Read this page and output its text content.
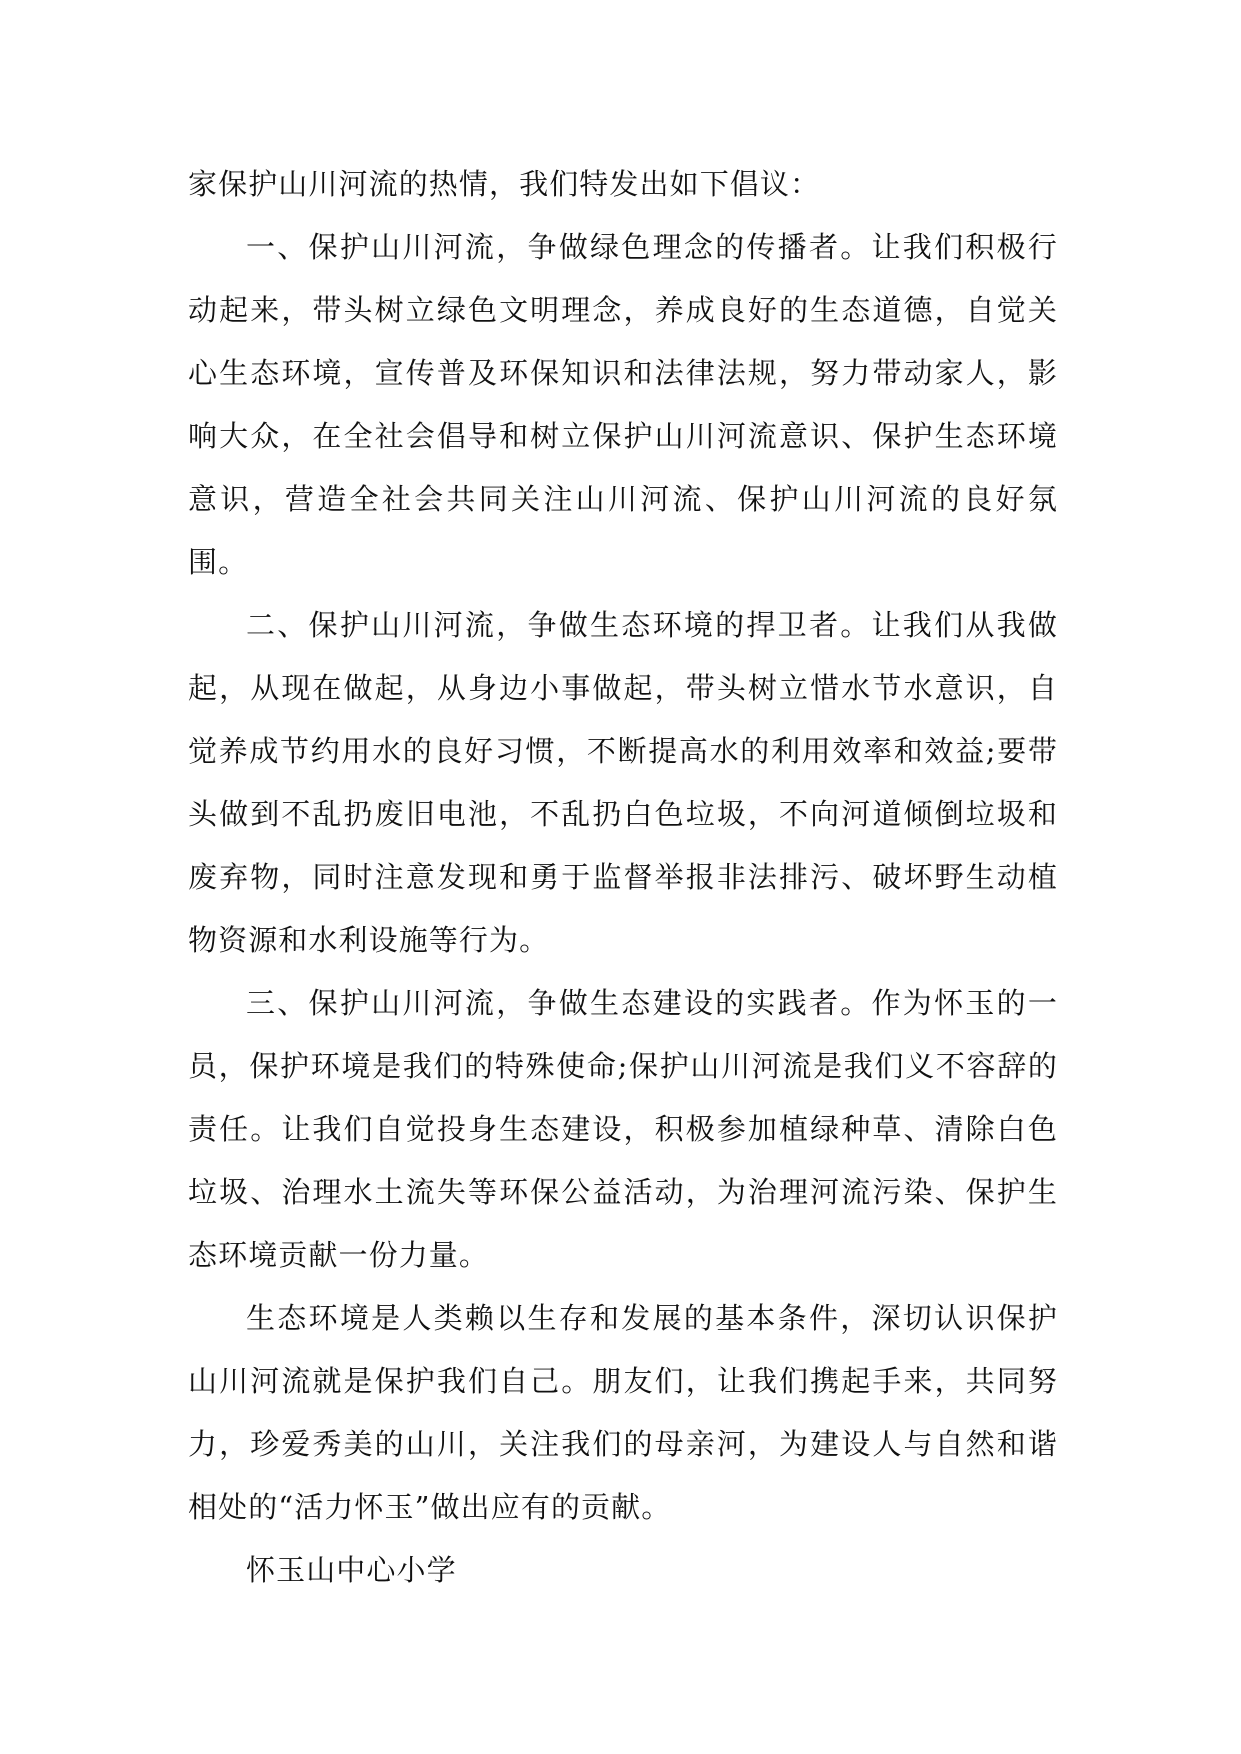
家保护山川河流的热情，我们特发出如下倡议：

一、保护山川河流，争做绿色理念的传播者。让我们积极行动起来，带头树立绿色文明理念，养成良好的生态道德，自觉关心生态环境，宣传普及环保知识和法律法规，努力带动家人，影响大众，在全社会倡导和树立保护山川河流意识、保护生态环境意识，营造全社会共同关注山川河流、保护山川河流的良好氛围。

二、保护山川河流，争做生态环境的捍卫者。让我们从我做起，从现在做起，从身边小事做起，带头树立惜水节水意识，自觉养成节约用水的良好习惯，不断提高水的利用效率和效益;要带头做到不乱扔废旧电池，不乱扔白色垃圾，不向河道倾倒垃圾和废弃物，同时注意发现和勇于监督举报非法排污、破坏野生动植物资源和水利设施等行为。

三、保护山川河流，争做生态建设的实践者。作为怀玉的一员，保护环境是我们的特殊使命;保护山川河流是我们义不容辞的责任。让我们自觉投身生态建设，积极参加植绿种草、清除白色垃圾、治理水土流失等环保公益活动，为治理河流污染、保护生态环境贡献一份力量。

生态环境是人类赖以生存和发展的基本条件，深切认识保护山川河流就是保护我们自己。朋友们，让我们携起手来，共同努力，珍爱秀美的山川，关注我们的母亲河，为建设人与自然和谐相处的“活力怀玉”做出应有的贡献。

怀玉山中心小学
